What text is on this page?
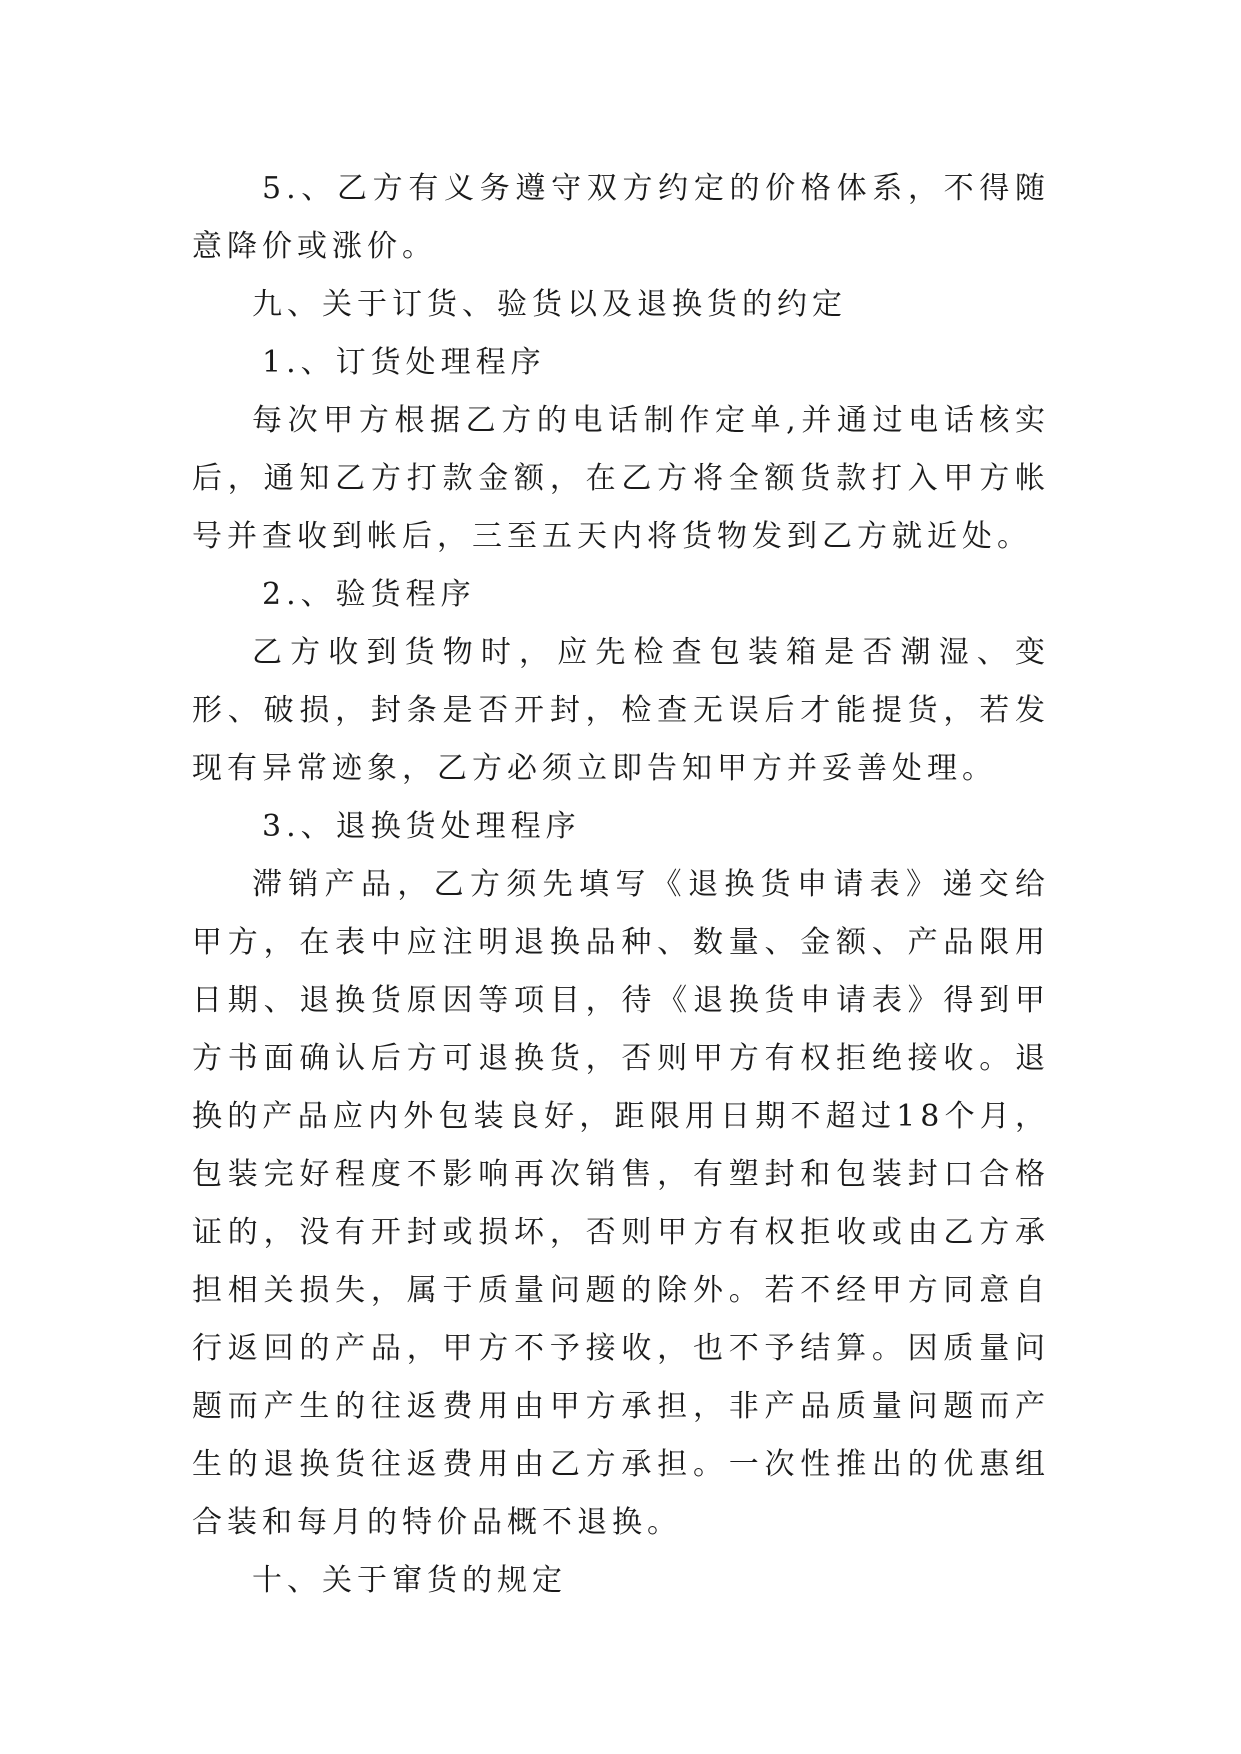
5.、乙方有义务遵守双方约定的价格体系，不得随意降价或涨价。

九、关于订货、验货以及退换货的约定

1.、订货处理程序

每次甲方根据乙方的电话制作定单,并通过电话核实后，通知乙方打款金额，在乙方将全额货款打入甲方帐号并查收到帐后，三至五天内将货物发到乙方就近处。

2.、验货程序

乙方收到货物时，应先检查包装箱是否潮湿、变形、破损，封条是否开封，检查无误后才能提货，若发现有异常迹象，乙方必须立即告知甲方并妥善处理。

3.、退换货处理程序

滞销产品，乙方须先填写《退换货申请表》递交给甲方，在表中应注明退换品种、数量、金额、产品限用日期、退换货原因等项目，待《退换货申请表》得到甲方书面确认后方可退换货，否则甲方有权拒绝接收。退换的产品应内外包装良好，距限用日期不超过18个月，包装完好程度不影响再次销售，有塑封和包装封口合格证的，没有开封或损坏，否则甲方有权拒收或由乙方承担相关损失，属于质量问题的除外。若不经甲方同意自行返回的产品，甲方不予接收，也不予结算。因质量问题而产生的往返费用由甲方承担，非产品质量问题而产生的退换货往返费用由乙方承担。一次性推出的优惠组合装和每月的特价品概不退换。

十、关于窜货的规定
